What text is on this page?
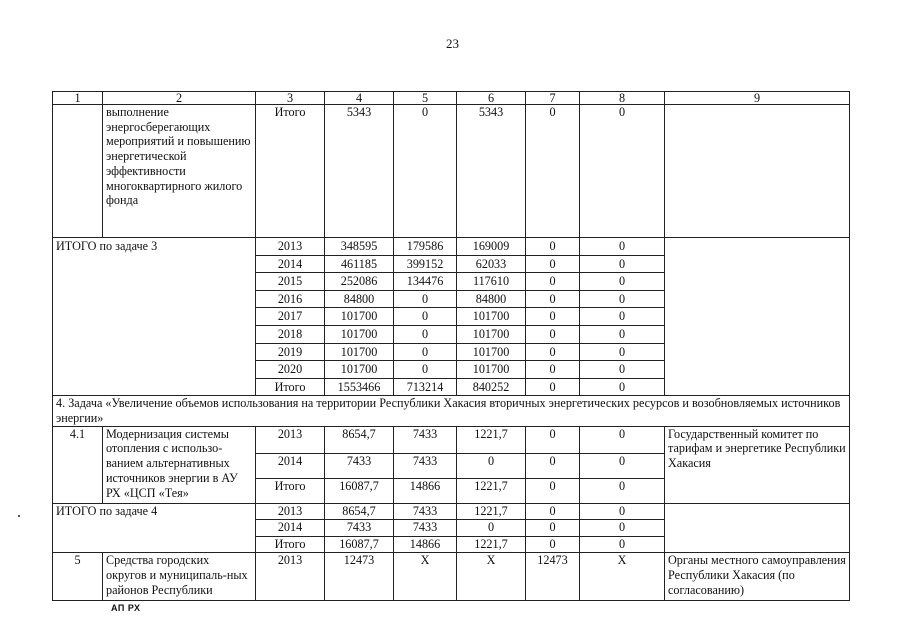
23
1	2	3	4	5	6	7	8	9
	выполнение энергосберегающих мероприятий и повышению энергетической эффективности многоквартирного жилого фонда	Итого	5343	0	5343	0	0	
ИТОГО по задаче 3		2013	348595	179586	169009	0	0	
		2014	461185	399152	62033	0	0	
		2015	252086	134476	117610	0	0	
		2016	84800	0	84800	0	0	
		2017	101700	0	101700	0	0	
		2018	101700	0	101700	0	0	
		2019	101700	0	101700	0	0	
		2020	101700	0	101700	0	0	
		Итого	1553466	713214	840252	0	0	
4. Задача «Увеличение объемов использования на территории Республики Хакасия вторичных энергетических ресурсов и возобновляемых источников энергии»								
4.1	Модернизация системы отопления с использо-ванием альтернативных источников энергии в АУ РХ «ЦСП «Тея»	2013	8654,7	7433	1221,7	0	0	Государственный комитет по тарифам и энергетике Республики Хакасия
		2014	7433	7433	0	0	0	
		Итого	16087,7	14866	1221,7	0	0	
ИТОГО по задаче 4		2013	8654,7	7433	1221,7	0	0	
		2014	7433	7433	0	0	0	
		Итого	16087,7	14866	1221,7	0	0	
5	Средства городских округов и муниципаль-ных районов Республики	2013	12473	Х	Х	12473	Х	Органы местного самоуправления Республики Хакасия (по согласованию)
АП РХ
